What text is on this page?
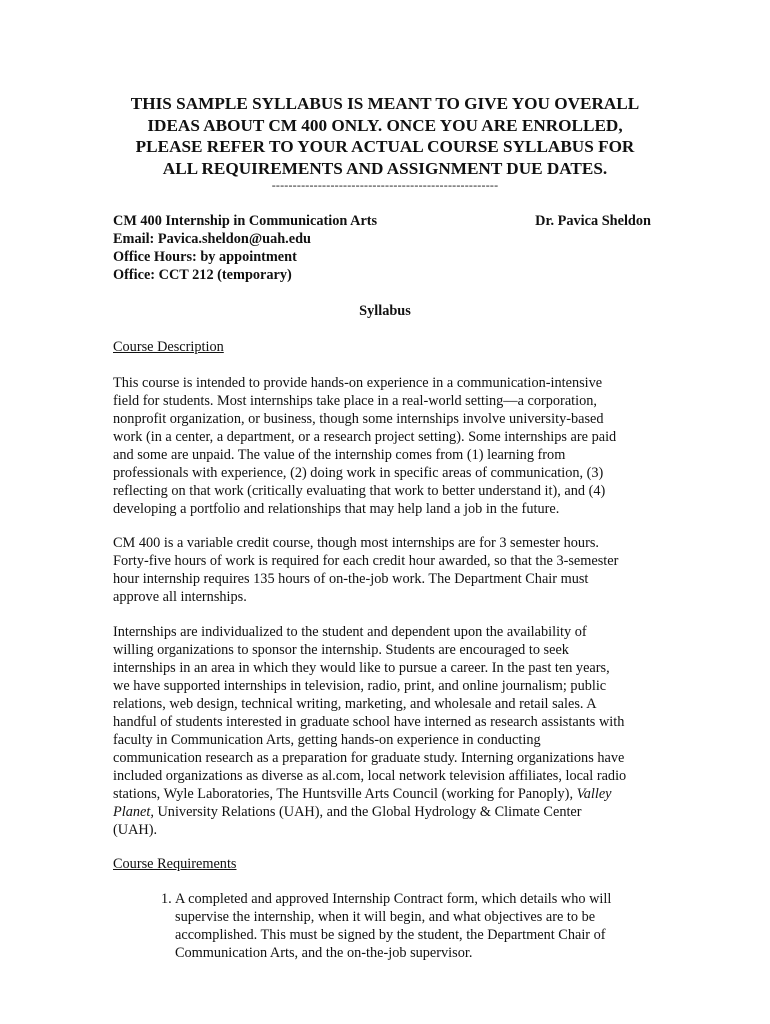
THIS SAMPLE SYLLABUS IS MEANT TO GIVE YOU OVERALL
IDEAS ABOUT CM 400 ONLY. ONCE YOU ARE ENROLLED,
PLEASE REFER TO YOUR ACTUAL COURSE SYLLABUS FOR
ALL REQUIREMENTS AND ASSIGNMENT DUE DATES.
------------------------------------------------------
CM 400 Internship in Communication Arts
Email: Pavica.sheldon@uah.edu
Office Hours: by appointment
Office: CCT 212 (temporary)
Dr. Pavica Sheldon
Syllabus
Course Description
This course is intended to provide hands-on experience in a communication-intensive
field for students. Most internships take place in a real-world setting—a corporation,
nonprofit organization, or business, though some internships involve university-based
work (in a center, a department, or a research project setting). Some internships are paid
and some are unpaid. The value of the internship comes from (1) learning from
professionals with experience, (2) doing work in specific areas of communication, (3)
reflecting on that work (critically evaluating that work to better understand it), and (4)
developing a portfolio and relationships that may help land a job in the future.
CM 400 is a variable credit course, though most internships are for 3 semester hours.
Forty-five hours of work is required for each credit hour awarded, so that the 3-semester
hour internship requires 135 hours of on-the-job work. The Department Chair must
approve all internships.
Internships are individualized to the student and dependent upon the availability of
willing organizations to sponsor the internship. Students are encouraged to seek
internships in an area in which they would like to pursue a career. In the past ten years,
we have supported internships in television, radio, print, and online journalism; public
relations, web design, technical writing, marketing, and wholesale and retail sales. A
handful of students interested in graduate school have interned as research assistants with
faculty in Communication Arts, getting hands-on experience in conducting
communication research as a preparation for graduate study. Interning organizations have
included organizations as diverse as al.com, local network television affiliates, local radio
stations, Wyle Laboratories, The Huntsville Arts Council (working for Panoply), Valley
Planet, University Relations (UAH), and the Global Hydrology & Climate Center
(UAH).
Course Requirements
1. A completed and approved Internship Contract form, which details who will
supervise the internship, when it will begin, and what objectives are to be
accomplished. This must be signed by the student, the Department Chair of
Communication Arts, and the on-the-job supervisor.
